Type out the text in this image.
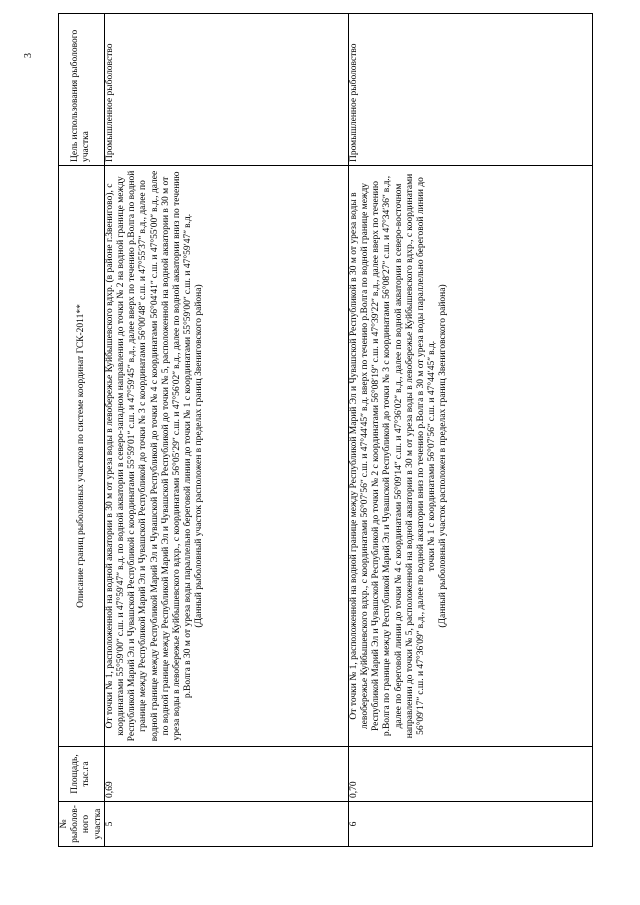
3
№ рыболов-ного участка	Площадь, тыс.га	Описание границ рыболовных участков по системе координат ГСК-2011**	Цель использования рыболового участка
5	0,69	От точки № 1, расположенной на водной акватории в 30 м от уреза воды в левобережье Куйбышевского вдхр. (в районе г.Звенигово), с координатами 55°59ʹ00ʺ с.ш. и 47°59ʹ47ʺ в.д. по водной акватории в северо-западном направлении до точки № 2 на водной границе между Республикой Марий Эл и Чувашской Республикой с координатами 55°59ʹ01ʺ с.ш. и 47°59ʹ45ʺ в.д., далее вверх по течению р.Волга по водной границе между Республикой Марий Эл и Чувашской Республикой до точки № 3 с координатами 56°00ʹ48ʺ с.ш. и 47°55ʹ37ʺ в.д., далее по водной границе между Республикой Марий Эл и Чувашской Республикой до точки № 4 с координатами 56°04ʹ41ʺ с.ш. и 47°55ʹ00ʺ в.д., далее по водной границе между Республикой Марий Эл и Чувашской Республикой до точки № 5, расположенной на водной акватории в 30 м от уреза воды в левобережье Куйбышевского вдхр., с координатами 56°05ʹ29ʺ с.ш. и 47°56ʹ02ʺ в.д., далее по водной акватории вниз по течению р.Волга в 30 м от уреза воды параллельно береговой линии до точки № 1 с координатами 55°59ʹ00ʺ с.ш. и 47°59ʹ47ʺ в.д. (Данный рыболовный участок расположен в пределах границ Звениговского района)	Промышленное рыболовство
6	0,70	От точки № 1, расположенной на водной границе между Республикой Марий Эл и Чувашской Республикой в 30 м от уреза воды в левобережье Куйбышевского вдхр., с координатами 56°07ʹ56ʺ с.ш. и 47°44ʹ45ʺ в.д. вверх по течению р.Волга по водной границе между Республикой Марий Эл и Чувашской Республикой до точки № 2 с координатами 56°08ʹ19ʺ с.ш. и 47°39ʹ22ʺ в.д., далее вверх по течению р.Волга по границе между Республикой Марий Эл и Чувашской Республикой до точки № 3 с координатами 56°08ʹ27ʺ с.ш. и 47°34ʹ36ʺ в.д., далее по береговой линии до точки № 4 с координатами 56°09ʹ14ʺ с.ш. и 47°36ʹ02ʺ в.д., далее по водной акватории в северо-восточном направлении до точки № 5, расположенной на водной акватории в 30 м от уреза воды в левобережье Куйбышевского вдхр., с координатами 56°09ʹ17ʺ с.ш. и 47°36ʹ09ʺ в.д., далее по водной акватории вниз по течению р.Волга в 30 м от уреза воды параллельно береговой линии до точки № 1 с координатами 56°07ʹ56ʺ с.ш. и 47°44ʹ45ʺ в.д. (Данный рыболовный участок расположен в пределах границ Звениговского района)	Промышленное рыболовство
